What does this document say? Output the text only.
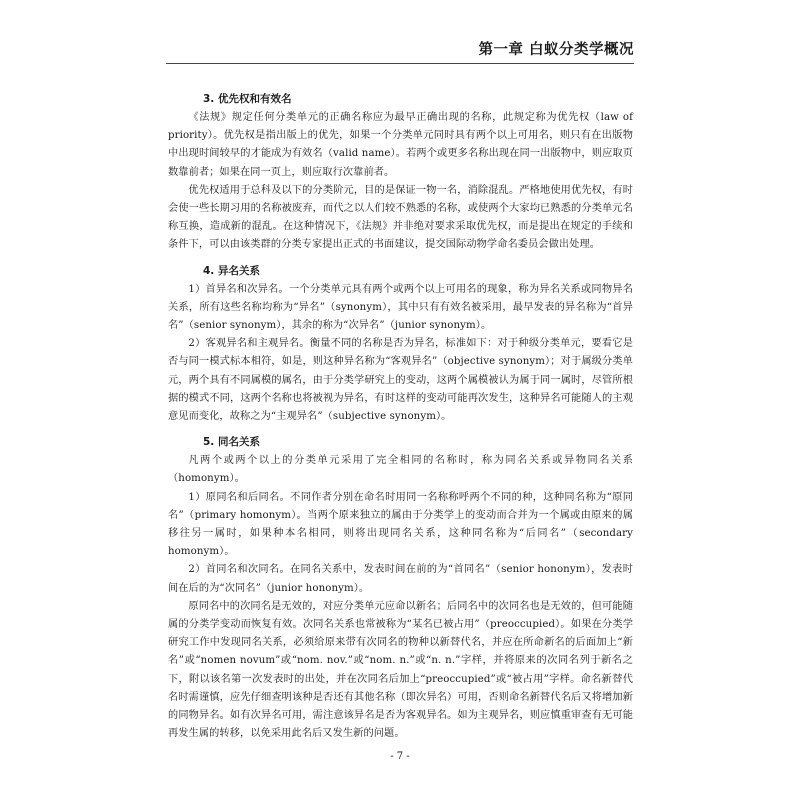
第一章 白蚁分类学概况
3. 优先权和有效名

《法规》规定任何分类单元的正确名称应为最早正确出现的名称，此规定称为优先权（law of priority）。优先权是指出版上的优先，如果一个分类单元同时具有两个以上可用名，则只有在出版物中出现时间较早的才能成为有效名（valid name）。若两个或更多名称出现在同一出版物中，则应取页数靠前者；如果在同一页上，则应取行次靠前者。

优先权适用于总科及以下的分类阶元，目的是保证一物一名，消除混乱。严格地使用优先权，有时会使一些长期习用的名称被废弃，而代之以人们较不熟悉的名称，或使两个大家均已熟悉的分类单元名称互换，造成新的混乱。在这种情况下，《法规》并非绝对要求采取优先权，而是提出在规定的手续和条件下，可以由该类群的分类专家提出正式的书面建议，提交国际动物学命名委员会做出处理。

4. 异名关系

1）首异名和次异名。一个分类单元具有两个或两个以上可用名的现象，称为异名关系或同物异名关系，所有这些名称均称为“异名”（synonym），其中只有有效名被采用，最早发表的异名称为“首异名”（senior synonym），其余的称为“次异名”（junior synonym）。

2）客观异名和主观异名。衡量不同的名称是否为异名，标准如下：对于种级分类单元，要看它是否与同一模式标本相符，如是，则这种异名称为“客观异名”（objective synonym）；对于属级分类单元，两个具有不同属模的属名，由于分类学研究上的变动，这两个属模被认为属于同一属时，尽管所根据的模式不同，这两个名称也将被视为异名，有时这样的变动可能再次发生，这种异名可能随人的主观意见而变化，故称之为“主观异名”（subjective synonym）。

5. 同名关系

凡两个或两个以上的分类单元采用了完全相同的名称时，称为同名关系或异物同名关系（homonym）。

1）原同名和后同名。不同作者分别在命名时用同一名称称呼两个不同的种，这种同名称为“原同名”（primary homonym）。当两个原来独立的属由于分类学上的变动而合并为一个属或由原来的属移往另一属时，如果种本名相同，则将出现同名关系，这种同名称为“后同名”（secondary homonym）。

2）首同名和次同名。在同名关系中，发表时间在前的为“首同名”（senior hononym），发表时间在后的为“次同名”（junior hononym）。

原同名中的次同名是无效的，对应分类单元应命以新名；后同名中的次同名也是无效的，但可能随属的分类学变动而恢复有效。次同名关系也常被称为“某名已被占用”（preoccupied）。如果在分类学研究工作中发现同名关系，必须给原来带有次同名的物种以新替代名，并应在所命新名的后面加上“新名”或“nomen novum”或“nom. nov.”或“nom. n.”或“n. n.”字样，并将原来的次同名列于新名之下，附以该名第一次发表时的出处，并在次同名后加上“preoccupied”或“被占用”字样。命名新替代名时需谨慎，应先仔细查明该种是否还有其他名称（即次异名）可用，否则命名新替代名后又将增加新的同物异名。如有次异名可用，需注意该异名是否为客观异名。如为主观异名，则应慎重审查有无可能再发生属的转移，以免采用此名后又发生新的问题。

- 7 -
